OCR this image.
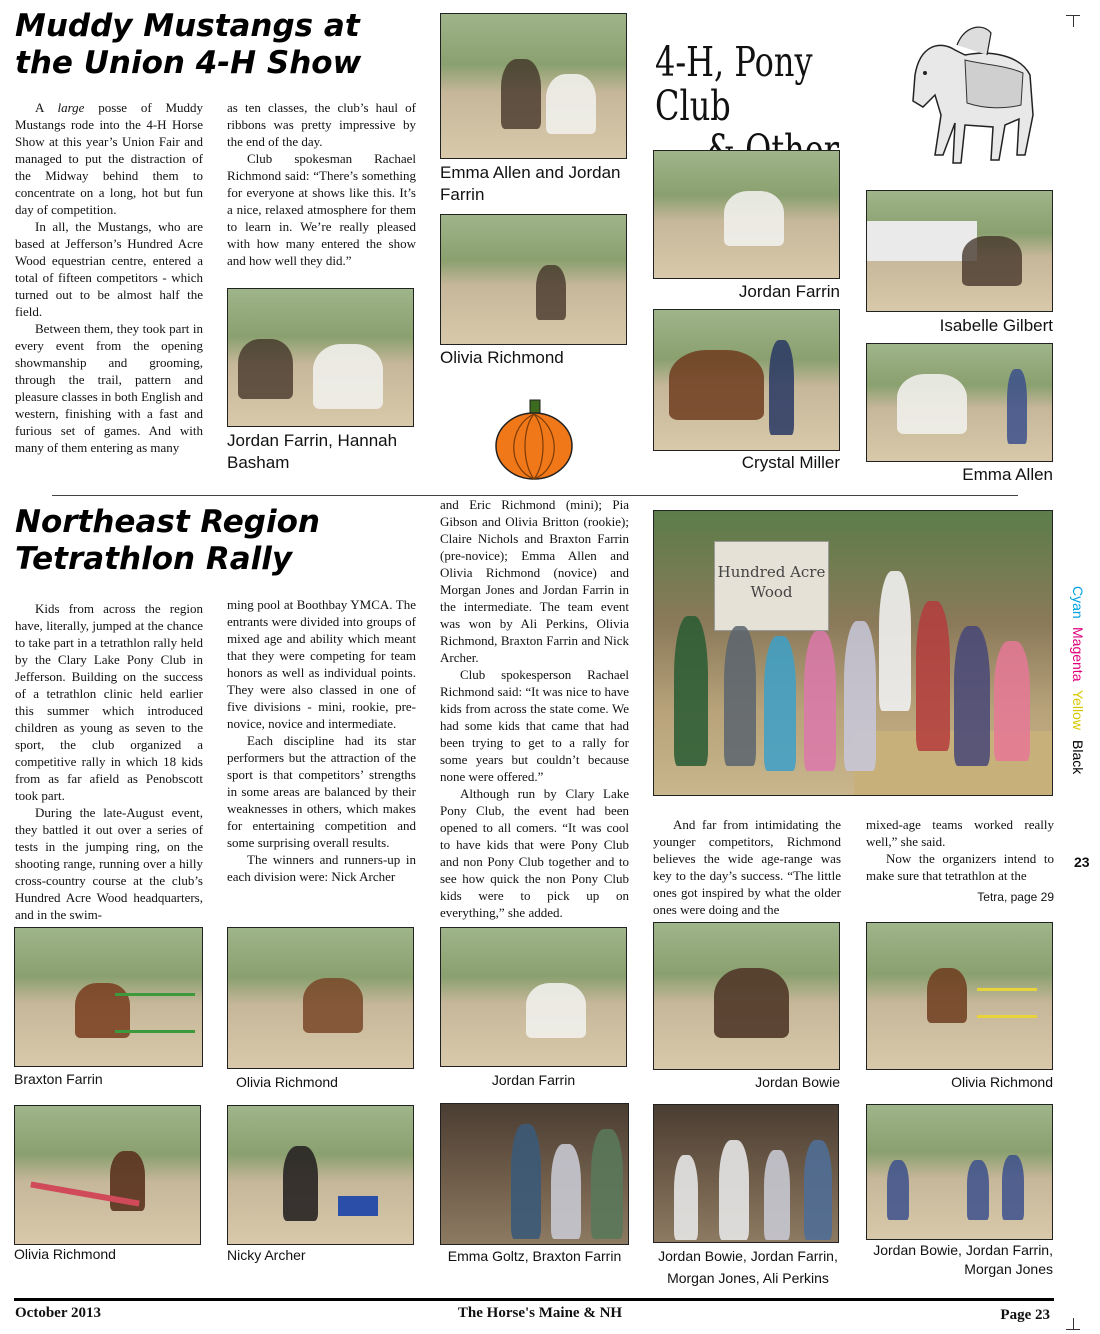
Muddy Mustangs at
the Union 4-H Show

A large posse of Muddy Mustangs rode into the 4-H Horse Show at this year’s Union Fair and managed to put the distraction of the Midway behind them to concentrate on a long, hot but fun day of competition.

In all, the Mustangs, who are based at Jefferson’s Hundred Acre Wood equestrian centre, entered a total of fifteen competitors - which turned out to be almost half the field.

Between them, they took part in every event from the opening showmanship and grooming, through the trail, pattern and pleasure classes in both English and western, finishing with a fast and furious set of games. And with many of them entering as many

as ten classes, the club’s haul of ribbons was pretty impressive by the end of the day.

Club spokesman Rachael Richmond said: “There’s something for everyone at shows like this. It’s a nice, relaxed atmosphere for them to learn in. We’re really pleased with how many entered the show and how well they did.”

Emma Allen and Jordan Farrin
Olivia Richmond
Jordan Farrin, Hannah Basham
4-H, Pony Club
Jordan Farrin
Isabelle Gilbert
Crystal Miller
Emma Allen
Northeast Region
Tetrathlon Rally

Kids from across the region have, literally, jumped at the chance to take part in a tetrathlon rally held by the Clary Lake Pony Club in Jefferson. Building on the success of a tetrathlon clinic held earlier this summer which introduced children as young as seven to the sport, the club organized a competitive rally in which 18 kids from as far afield as Penobscott took part.

During the late-August event, they battled it out over a series of tests in the jumping ring, on the shooting range, running over a hilly cross-country course at the club’s Hundred Acre Wood headquarters, and in the swim-

ming pool at Boothbay YMCA. The entrants were divided into groups of mixed age and ability which meant that they were competing for team honors as well as individual points. They were also classed in one of five divisions - mini, rookie, pre-novice, novice and intermediate.

Each discipline had its star performers but the attraction of the sport is that competitors’ strengths in some areas are balanced by their weaknesses in others, which makes for entertaining competition and some surprising overall results.

The winners and runners-up in each division were: Nick Archer

and Eric Richmond (mini); Pia Gibson and Olivia Britton (rookie); Claire Nichols and Braxton Farrin (pre-novice); Emma Allen and Olivia Richmond (novice) and Morgan Jones and Jordan Farrin in the intermediate. The team event was won by Ali Perkins, Olivia Richmond, Braxton Farrin and Nick Archer.

Club spokesperson Rachael Richmond said: “It was nice to have kids from across the state come. We had some kids that came that had been trying to get to a rally for some years but couldn’t because none were offered.”

Although run by Clary Lake Pony Club, the event had been opened to all comers. “It was cool to have kids that were Pony Club and non Pony Club together and to see how quick the non Pony Club kids were to pick up on everything,” she added.

Hundred Acre Wood

And far from intimidating the younger competitors, Richmond believes the wide age-range was key to the day’s success. “The little ones got inspired by what the older ones were doing and the

mixed-age teams worked really well,” she said.

Now the organizers intend to make sure that tetrathlon at the

Tetra, page 29
Braxton Farrin	Olivia Richmond	Jordan Farrin	Jordan Bowie	Olivia Richmond
Olivia Richmond	Nicky Archer	Emma Goltz, Braxton Farrin	Jordan Bowie, Jordan Farrin, Morgan Jones, Ali Perkins
Jordan Bowie, Jordan Farrin, Morgan Jones
October 2013	The Horse's Maine & NH	Page 23
Cyan
Magenta
Yellow
Black
23
